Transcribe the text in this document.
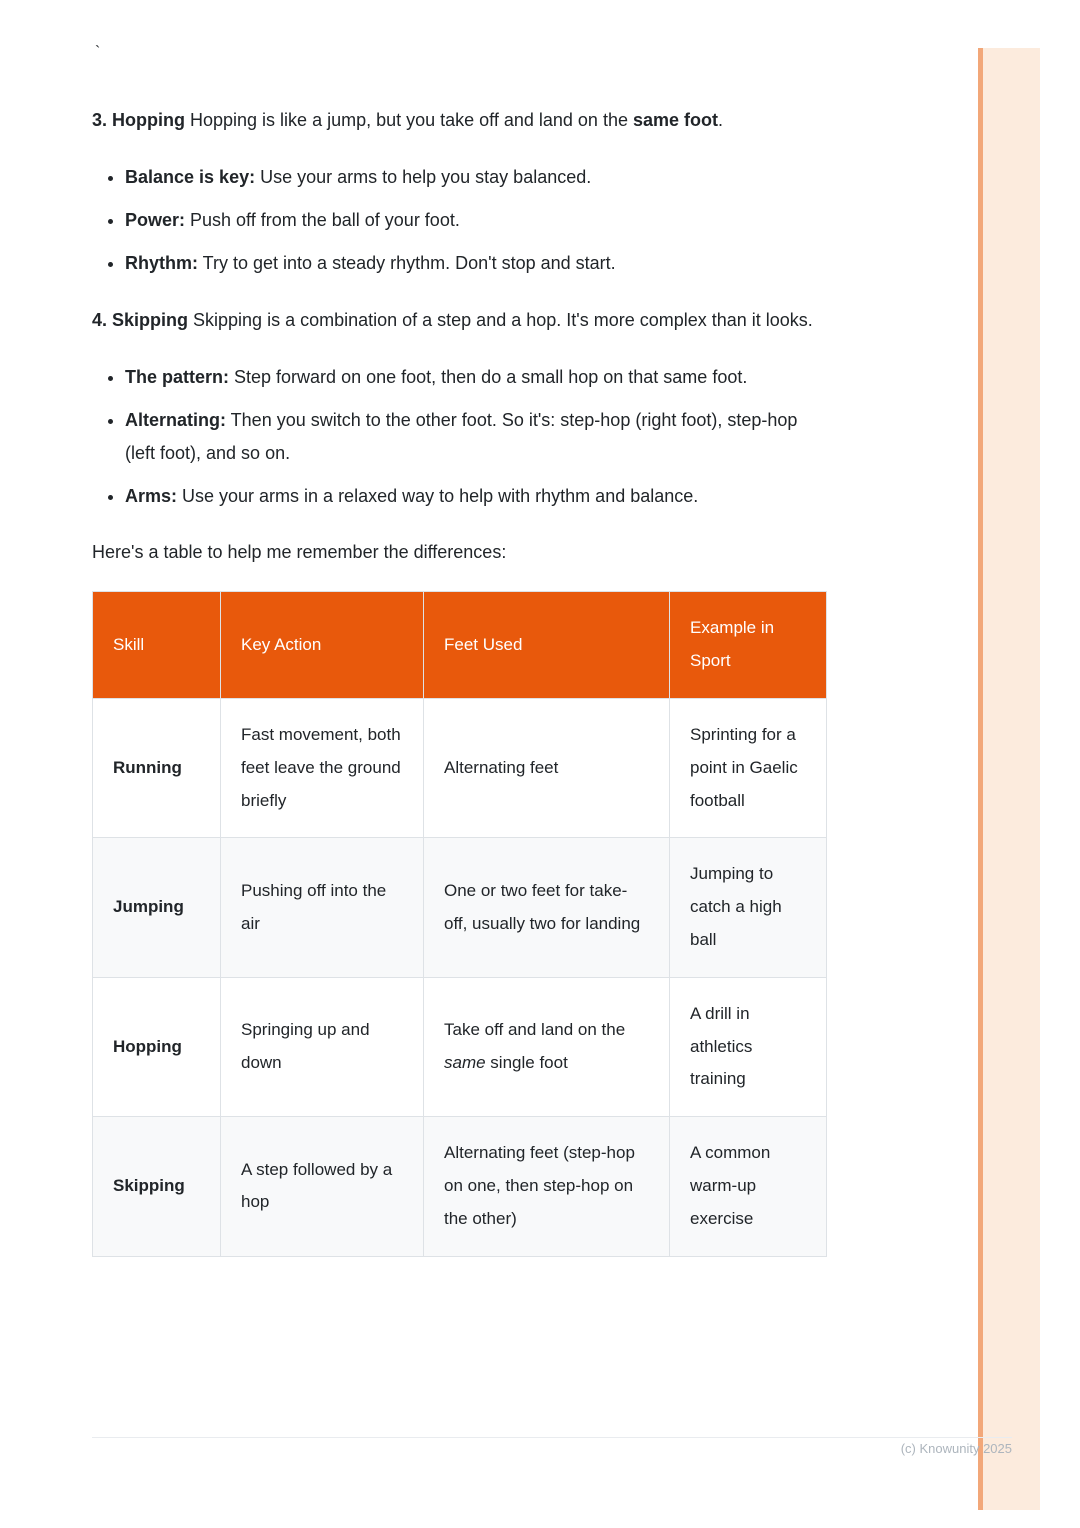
`

3. Hopping Hopping is like a jump, but you take off and land on the same foot.

• Balance is key: Use your arms to help you stay balanced.
• Power: Push off from the ball of your foot.
• Rhythm: Try to get into a steady rhythm. Don't stop and start.

4. Skipping Skipping is a combination of a step and a hop. It's more complex than it looks.

• The pattern: Step forward on one foot, then do a small hop on that same foot.
• Alternating: Then you switch to the other foot. So it's: step-hop (right foot), step-hop (left foot), and so on.
• Arms: Use your arms in a relaxed way to help with rhythm and balance.

Here's a table to help me remember the differences:

Skill	Key Action	Feet Used	Example in Sport
Running	Fast movement, both feet leave the ground briefly	Alternating feet	Sprinting for a point in Gaelic football
Jumping	Pushing off into the air	One or two feet for take-off, usually two for landing	Jumping to catch a high ball
Hopping	Springing up and down	Take off and land on the same single foot	A drill in athletics training
Skipping	A step followed by a hop	Alternating feet (step-hop on one, then step-hop on the other)	A common warm-up exercise
(c) Knowunity 2025
